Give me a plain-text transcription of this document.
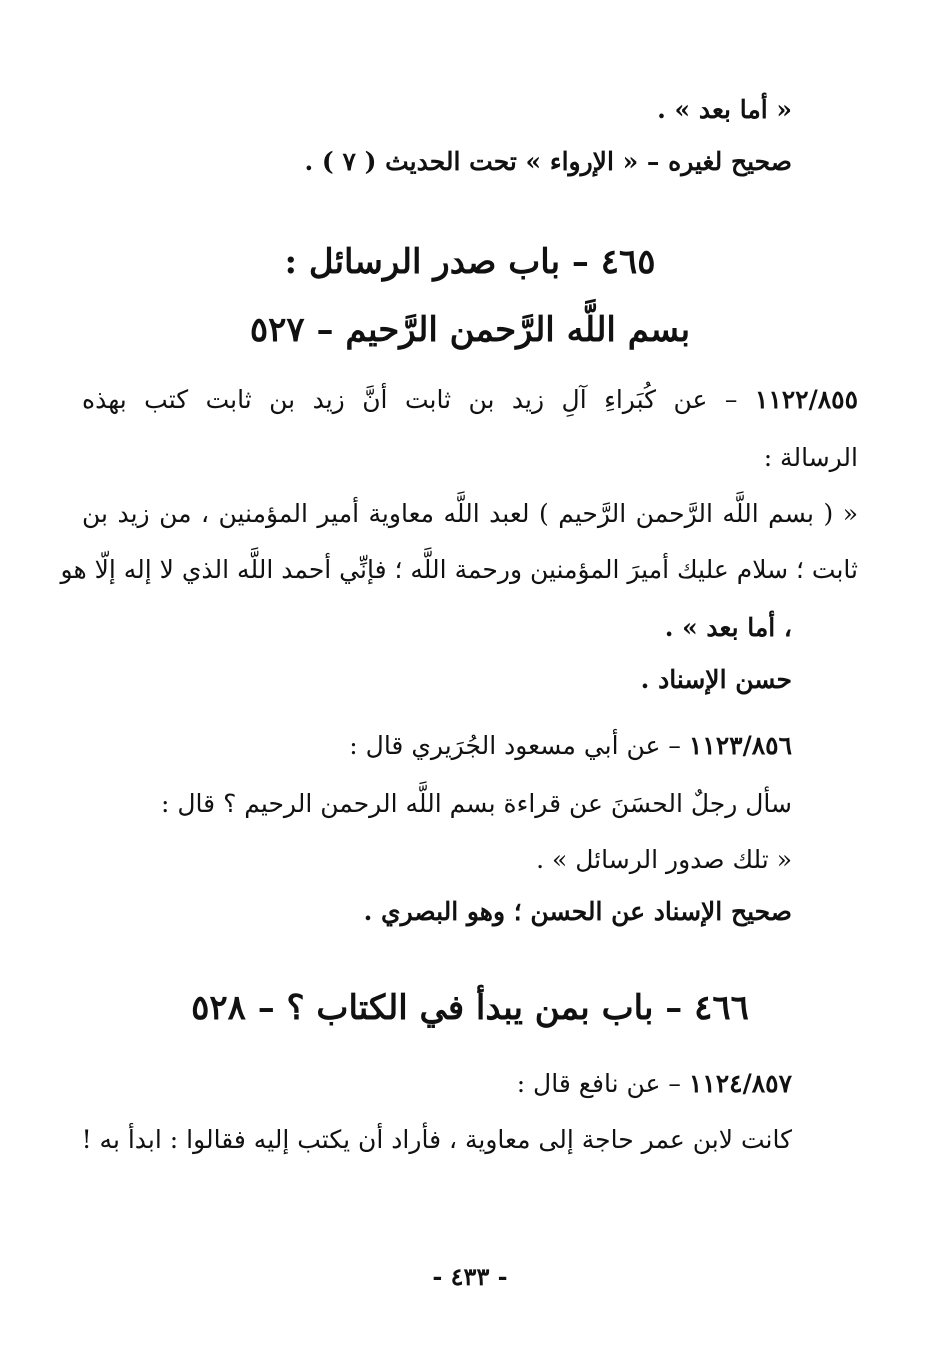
« أما بعد » .
صحيح لغيره – « الإرواء » تحت الحديث ( ٧ ) .
٤٦٥ – باب صدر الرسائل :
بسم اللَّه الرَّحمن الرَّحيم – ٥٢٧
١١٢٢/٨٥٥ – عن كُبَراءِ آلِ زيد بن ثابت أنَّ زيد بن ثابت كتب بهذه
الرسالة :
« ( بسم اللَّه الرَّحمن الرَّحيم ) لعبد اللَّه معاوية أمير المؤمنين ، من زيد بن
ثابت ؛ سلام عليك أميرَ المؤمنين ورحمة اللَّه ؛ فإنِّي أحمد اللَّه الذي لا إله إلّا هو
، أما بعد » .
حسن الإسناد .
١١٢٣/٨٥٦ – عن أبي مسعود الجُرَيري قال :
سأل رجلٌ الحسَنَ عن قراءة بسم اللَّه الرحمن الرحيم ؟ قال :
« تلك صدور الرسائل » .
صحيح الإسناد عن الحسن ؛ وهو البصري .
٤٦٦ – باب بمن يبدأ في الكتاب ؟ – ٥٢٨
١١٢٤/٨٥٧ – عن نافع قال :
كانت لابن عمر حاجة إلى معاوية ، فأراد أن يكتب إليه فقالوا : ابدأ به !
- ٤٣٣ -
